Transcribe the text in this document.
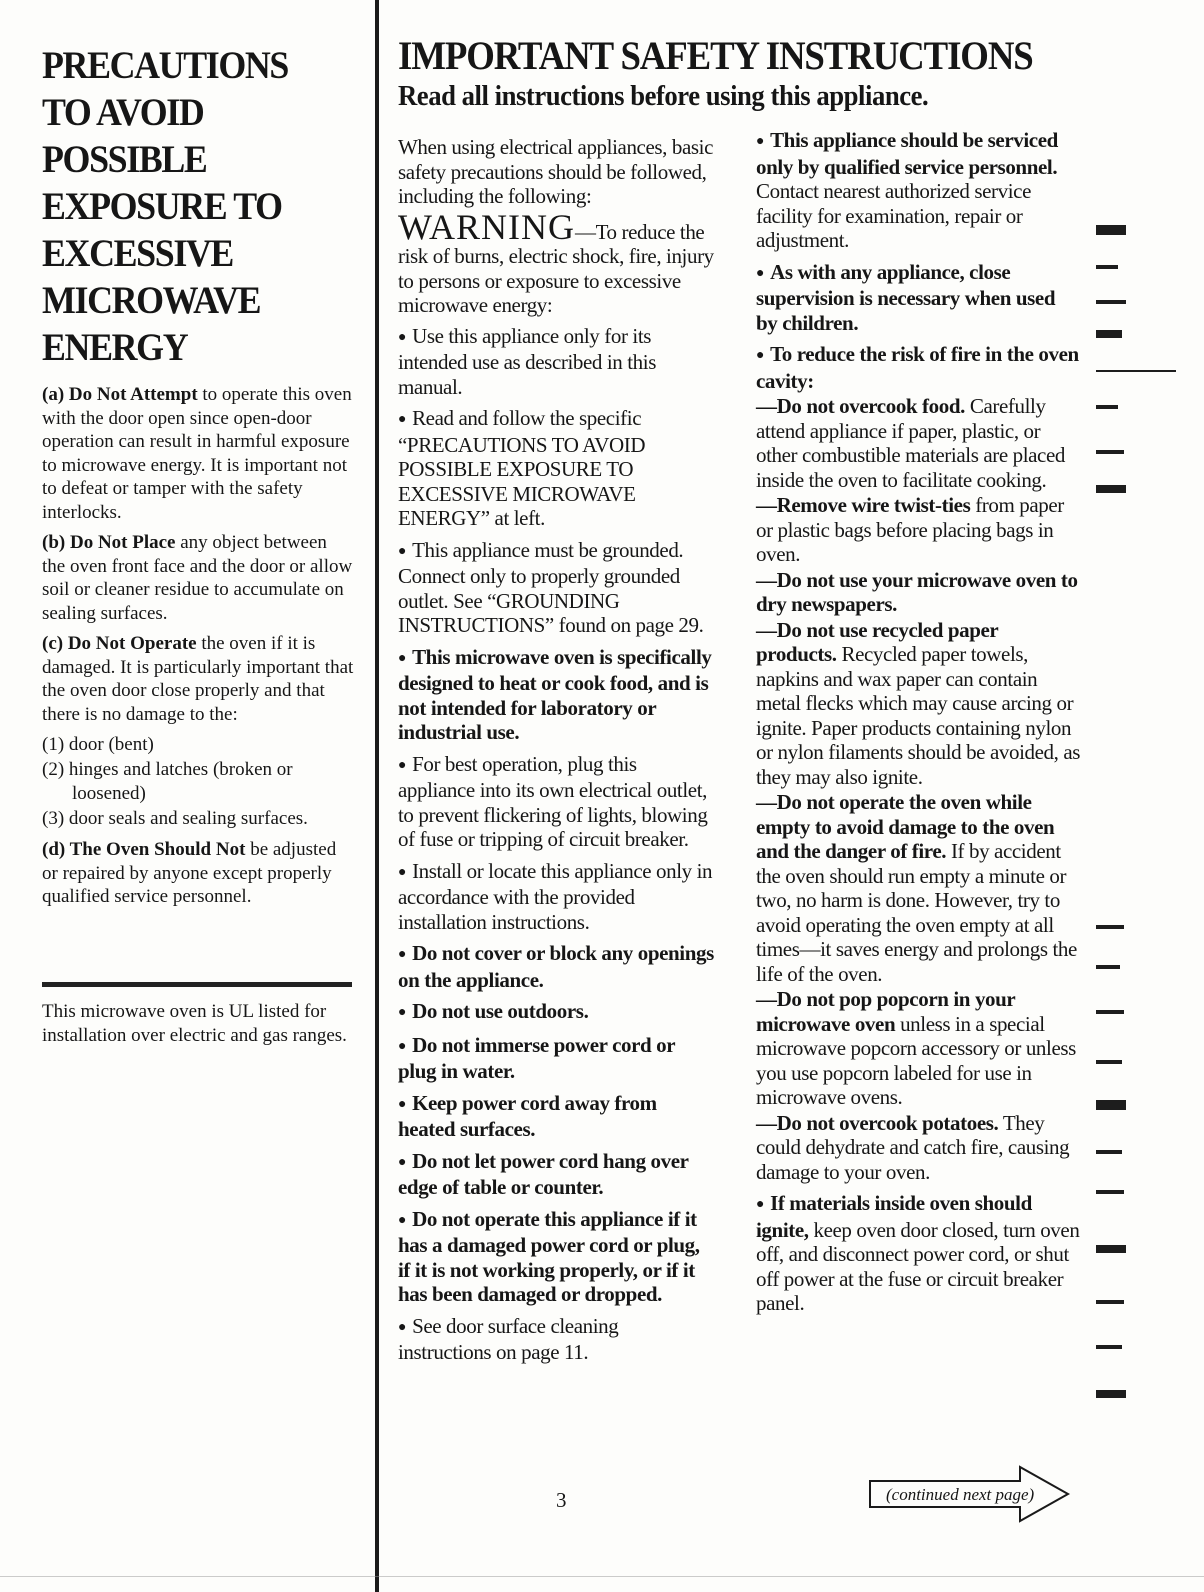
PRECAUTIONS
TO AVOID
POSSIBLE
EXPOSURE TO
EXCESSIVE
MICROWAVE
ENERGY

(a) Do Not Attempt to operate this oven with the door open since open-door operation can result in harmful exposure to microwave energy. It is important not to defeat or tamper with the safety interlocks.

(b) Do Not Place any object between the oven front face and the door or allow soil or cleaner residue to accumulate on sealing surfaces.

(c) Do Not Operate the oven if it is damaged. It is particularly important that the oven door close properly and that there is no damage to the:

(1) door (bent)
(2) hinges and latches (broken or loosened)
(3) door seals and sealing surfaces.

(d) The Oven Should Not be adjusted or repaired by anyone except properly qualified service personnel.

This microwave oven is UL listed for installation over electric and gas ranges.

IMPORTANT SAFETY INSTRUCTIONS
Read all instructions before using this appliance.

When using electrical appliances, basic safety precautions should be followed, including the following:

WARNING—To reduce the risk of burns, electric shock, fire, injury to persons or exposure to excessive microwave energy:

● Use this appliance only for its intended use as described in this manual.

● Read and follow the specific “PRECAUTIONS TO AVOID POSSIBLE EXPOSURE TO EXCESSIVE MICROWAVE ENERGY” at left.

● This appliance must be grounded. Connect only to properly grounded outlet. See “GROUNDING INSTRUCTIONS” found on page 29.

● This microwave oven is specifically designed to heat or cook food, and is not intended for laboratory or industrial use.

● For best operation, plug this appliance into its own electrical outlet, to prevent flickering of lights, blowing of fuse or tripping of circuit breaker.

● Install or locate this appliance only in accordance with the provided installation instructions.

● Do not cover or block any openings on the appliance.

● Do not use outdoors.

● Do not immerse power cord or plug in water.

● Keep power cord away from heated surfaces.

● Do not let power cord hang over edge of table or counter.

● Do not operate this appliance if it has a damaged power cord or plug, if it is not working properly, or if it has been damaged or dropped.

● See door surface cleaning instructions on page 11.

● This appliance should be serviced only by qualified service personnel. Contact nearest authorized service facility for examination, repair or adjustment.

● As with any appliance, close supervision is necessary when used by children.

● To reduce the risk of fire in the oven cavity:

—Do not overcook food. Carefully attend appliance if paper, plastic, or other combustible materials are placed inside the oven to facilitate cooking.

—Remove wire twist-ties from paper or plastic bags before placing bags in oven.

—Do not use your microwave oven to dry newspapers.

—Do not use recycled paper products. Recycled paper towels, napkins and wax paper can contain metal flecks which may cause arcing or ignite. Paper products containing nylon or nylon filaments should be avoided, as they may also ignite.

—Do not operate the oven while empty to avoid damage to the oven and the danger of fire. If by accident the oven should run empty a minute or two, no harm is done. However, try to avoid operating the oven empty at all times—it saves energy and prolongs the life of the oven.

—Do not pop popcorn in your microwave oven unless in a special microwave popcorn accessory or unless you use popcorn labeled for use in microwave ovens.

—Do not overcook potatoes. They could dehydrate and catch fire, causing damage to your oven.

● If materials inside oven should ignite, keep oven door closed, turn oven off, and disconnect power cord, or shut off power at the fuse or circuit breaker panel.

3	(continued next page)
